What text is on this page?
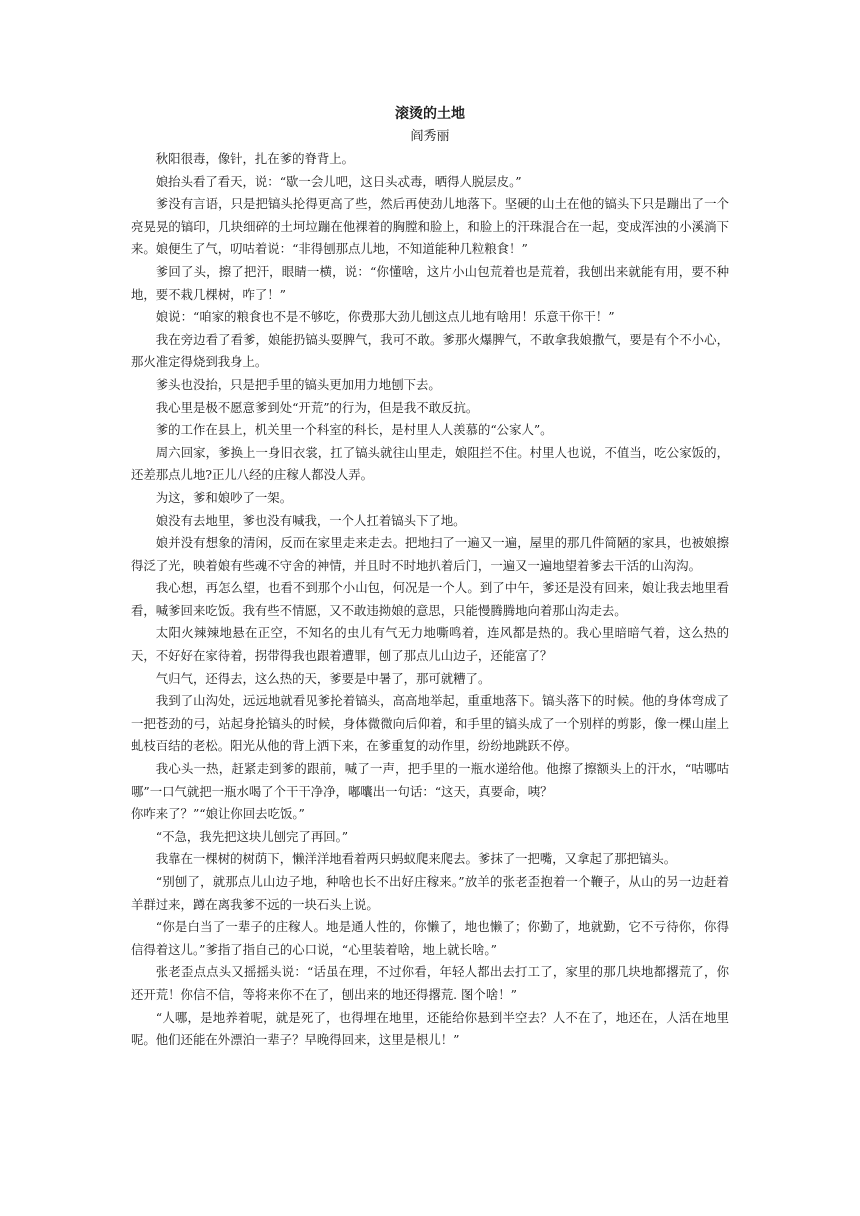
滚烫的土地
阎秀丽

秋阳很毒，像针，扎在爹的脊背上。

娘抬头看了看天，说：“歇一会儿吧，这日头忒毒，晒得人脱层皮。”

爹没有言语，只是把镐头抡得更高了些，然后再使劲儿地落下。坚硬的山土在他的镐头下只是蹦出了一个亮晃晃的镐印，几块细碎的土坷垃蹦在他裸着的胸膛和脸上，和脸上的汗珠混合在一起，变成浑浊的小溪淌下来。娘便生了气，叨咕着说：“非得刨那点儿地，不知道能种几粒粮食！”

爹回了头，擦了把汗，眼睛一横，说：“你懂啥，这片小山包荒着也是荒着，我刨出来就能有用，要不种地，要不栽几棵树，咋了！”

娘说：“咱家的粮食也不是不够吃，你费那大劲儿刨这点儿地有啥用！乐意干你干！”

我在旁边看了看爹，娘能扔镐头耍脾气，我可不敢。爹那火爆脾气，不敢拿我娘撒气，要是有个不小心，那火准定得烧到我身上。

爹头也没抬，只是把手里的镐头更加用力地刨下去。

我心里是极不愿意爹到处“开荒”的行为，但是我不敢反抗。

爹的工作在县上，机关里一个科室的科长，是村里人人羡慕的“公家人”。

周六回家，爹换上一身旧衣裳，扛了镐头就往山里走，娘阻拦不住。村里人也说，不值当，吃公家饭的，还差那点儿地?正儿八经的庄稼人都没人弄。

为这，爹和娘吵了一架。

娘没有去地里，爹也没有喊我，一个人扛着镐头下了地。

娘并没有想象的清闲，反而在家里走来走去。把地扫了一遍又一遍，屋里的那几件简陋的家具，也被娘擦得泛了光，映着娘有些魂不守舍的神情，并且时不时地扒着后门，一遍又一遍地望着爹去干活的山沟沟。

我心想，再怎么望，也看不到那个小山包，何况是一个人。到了中午，爹还是没有回来，娘让我去地里看看，喊爹回来吃饭。我有些不情愿，又不敢违拗娘的意思，只能慢腾腾地向着那山沟走去。

太阳火辣辣地悬在正空，不知名的虫儿有气无力地嘶鸣着，连风都是热的。我心里暗暗气着，这么热的天，不好好在家待着，拐带得我也跟着遭罪，刨了那点儿山边子，还能富了？

气归气，还得去，这么热的天，爹要是中暑了，那可就糟了。

我到了山沟处，远远地就看见爹抡着镐头，高高地举起，重重地落下。镐头落下的时候。他的身体弯成了一把苍劲的弓，站起身抡镐头的时候，身体微微向后仰着，和手里的镐头成了一个别样的剪影，像一棵山崖上虬枝百结的老松。阳光从他的背上洒下来，在爹重复的动作里，纷纷地跳跃不停。

我心头一热，赶紧走到爹的跟前，喊了一声，把手里的一瓶水递给他。他擦了擦额头上的汗水，“咕哪咕哪”一口气就把一瓶水喝了个干干净净，嘟囔出一句话：“这天，真要命，咦？

你咋来了？”“娘让你回去吃饭。”

“不急，我先把这块儿刨完了再回。”

我靠在一棵树的树荫下，懒洋洋地看着两只蚂蚁爬来爬去。爹抹了一把嘴，又拿起了那把镐头。

“别刨了，就那点儿山边子地，种啥也长不出好庄稼来。”放羊的张老歪抱着一个鞭子，从山的另一边赶着羊群过来，蹲在离我爹不远的一块石头上说。

“你是白当了一辈子的庄稼人。地是通人性的，你懒了，地也懒了；你勤了，地就勤，它不亏待你，你得信得着这儿。”爹指了指自己的心口说，“心里装着啥，地上就长啥。”

张老歪点点头又摇摇头说：“话虽在理，不过你看，年轻人都出去打工了，家里的那几块地都撂荒了，你还开荒！你信不信，等将来你不在了，刨出来的地还得撂荒. 图个啥！”

“人哪，是地养着呢，就是死了，也得埋在地里，还能给你悬到半空去？人不在了，地还在，人活在地里呢。他们还能在外漂泊一辈子？早晚得回来，这里是根儿！”
